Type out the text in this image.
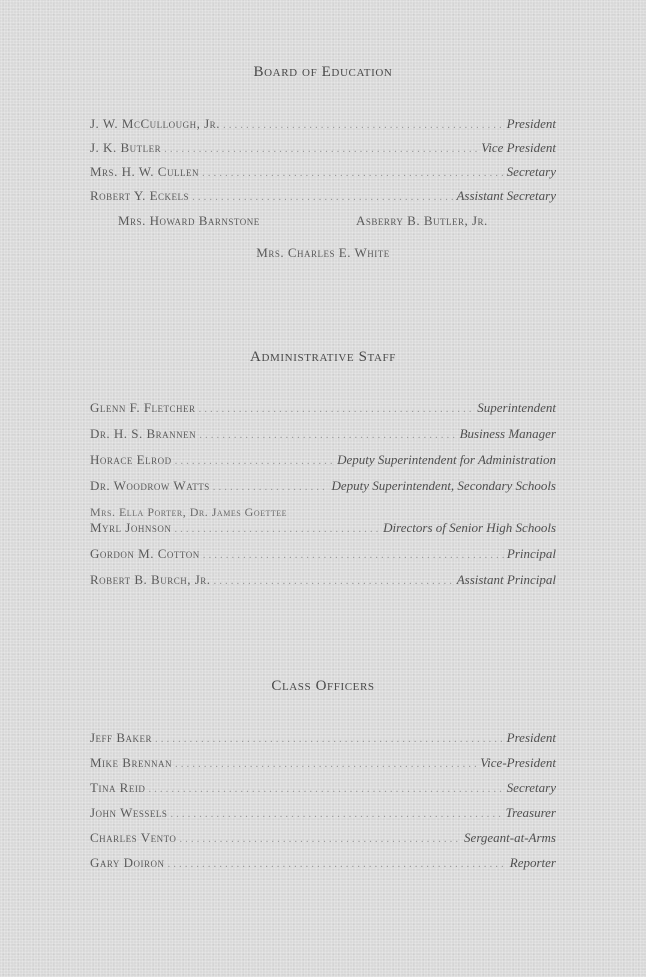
Board of Education
J. W. McCullough, Jr. .....	President
J. K. Butler .....	Vice President
Mrs. H. W. Cullen .....	Secretary
Robert Y. Eckels .....	Assistant Secretary
Mrs. Howard Barnstone	Asberry B. Butler, Jr.
Mrs. Charles E. White
Administrative Staff
Glenn F. Fletcher .....	Superintendent
Dr. H. S. Brannen .....	Business Manager
Horace Elrod .....	Deputy Superintendent for Administration
Dr. Woodrow Watts .....	Deputy Superintendent, Secondary Schools
Mrs. Ella Porter, Dr. James Goettee
Myrl Johnson .....	Directors of Senior High Schools
Gordon M. Cotton .....	Principal
Robert B. Burch, Jr. .....	Assistant Principal
Class Officers
Jeff Baker .....	President
Mike Brennan .....	Vice-President
Tina Reid .....	Secretary
John Wessels .....	Treasurer
Charles Vento .....	Sergeant-at-Arms
Gary Doiron .....	Reporter
